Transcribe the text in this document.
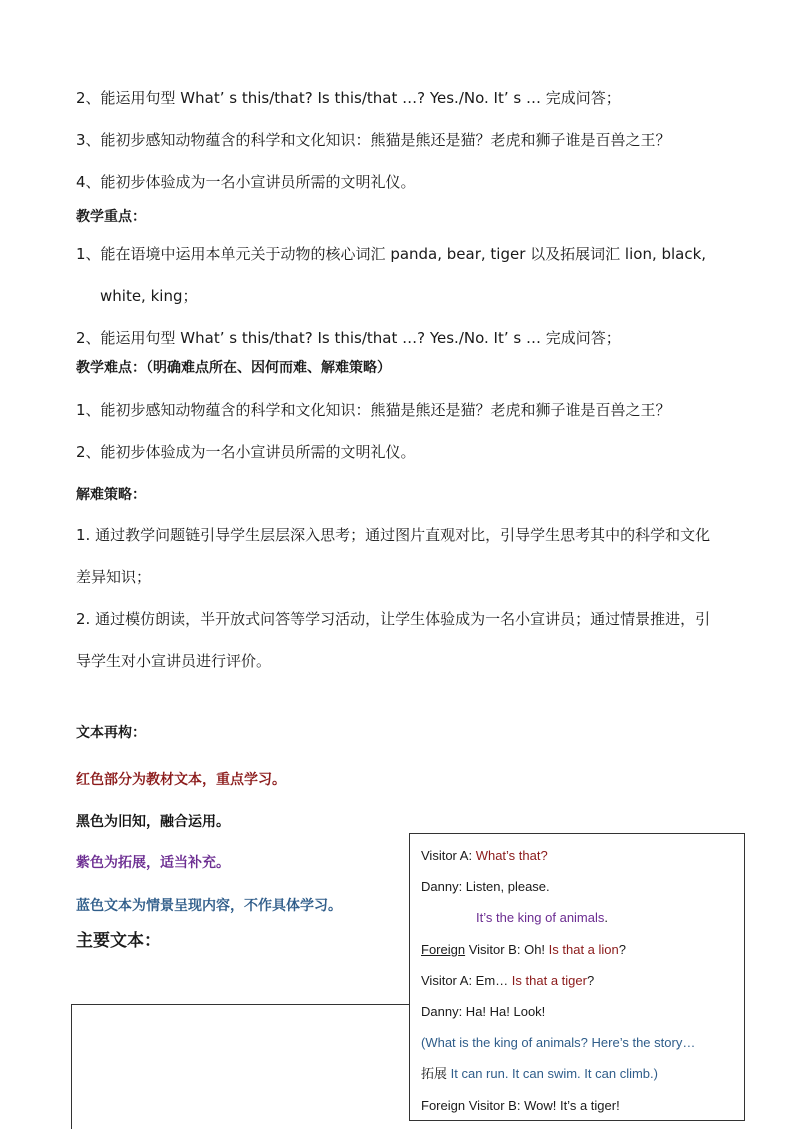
2、能运用句型 What’ s this/that? Is this/that …? Yes./No. It’ s … 完成问答；
3、能初步感知动物蕴含的科学和文化知识：熊猫是熊还是猫？老虎和狮子谁是百兽之王？
4、能初步体验成为一名小宣讲员所需的文明礼仪。
教学重点：
1、能在语境中运用本单元关于动物的核心词汇 panda, bear, tiger 以及拓展词汇 lion, black,
white, king；
2、能运用句型 What’ s this/that? Is this/that …? Yes./No. It’ s … 完成问答；
教学难点：（明确难点所在、因何而难、解难策略）
1、能初步感知动物蕴含的科学和文化知识：熊猫是熊还是猫？老虎和狮子谁是百兽之王？
2、能初步体验成为一名小宣讲员所需的文明礼仪。
解难策略：
1. 通过教学问题链引导学生层层深入思考；通过图片直观对比，引导学生思考其中的科学和文化
差异知识；
2. 通过模仿朗读，半开放式问答等学习活动，让学生体验成为一名小宣讲员；通过情景推进，引
导学生对小宣讲员进行评价。
文本再构：
红色部分为教材文本，重点学习。
黑色为旧知，融合运用。
紫色为拓展，适当补充。
蓝色文本为情景呈现内容，不作具体学习。
主要文本：
Visitor A: What’s that?
Danny: Listen, please.
It’s the king of animals.
Foreign Visitor B: Oh! Is that a lion?
Visitor A: Em… Is that a tiger?
Danny: Ha! Ha! Look!
(What is the king of animals? Here’s the story…
拓展 It can run. It can swim. It can climb.)
Foreign Visitor B: Wow! It’s a tiger!
